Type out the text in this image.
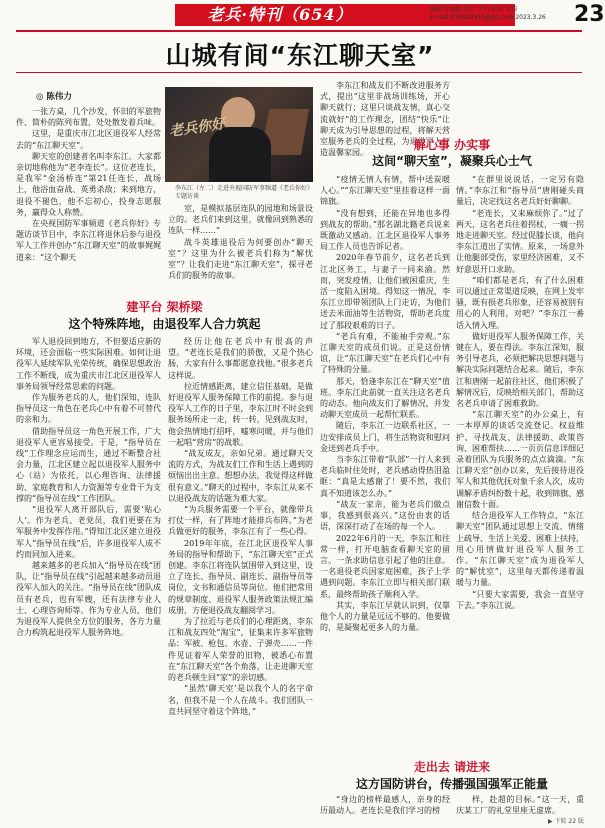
老兵·特刊（654）	编辑 涂丽霞 设计 罗巧 校对 晃涛
e-mail:836902919@qq.com 2023.3.26	23
山城有间“东江聊天室”
◎ 陈伟力

一张方桌，几个沙发，怀旧的军旅物件、简朴的陈列布置，处处散发着兵味。

这里，是重庆市江北区退役军人经常去的“东江聊天室”。

聊天室的创建者名叫李东江。大家都亲切地称他为“老李连长”。这位老连长，是我军“金汤桥连”第21任连长，战场上，他浴血奋战、英勇杀敌；来到地方，退役不褪色，他不忘初心，投身志愿服务，赢得众人称赞。

在央视国防军事频道《老兵你好》专题访谈节目中，李东江将退休后参与退役军人工作并创办“东江聊天室”的故事娓娓道来：“这个聊天

老兵你好
李东江（左二）走进央视国防军事频道《老兵你好》专题访谈

室，是模拟基层连队的园地和场景设立的。老兵们来到这里，就像回到熟悉的连队一样……”

战斗英雄退役后为何要创办“聊天室”？这里为什么被老兵们称为“解忧室”？让我们走进“东江聊天室”，探寻老兵们的服务的故事。

建平台 架桥梁
这个特殊阵地，由退役军人合力筑起

军人退役回到地方，不但要适应新的环境，还会面临一些实际困难。如何让退役军人延续军队光荣传统，确保思想政治工作不断线，成为重庆市江北区退役军人事务局领导经常思索的问题。

作为服务老兵的人，他们深知，连队指导员这一角色在老兵心中有着不可替代的亲和力。

借助指导员这一角色开展工作，广大退役军人更容易接受。于是，“指导员在线”工作理念应运而生，通过不断整合社会力量，江北区建立起以退役军人服务中心（站）为依托，以心理咨询、法律援助、家庭教育和人力资源等专业骨干为支撑的“指导员在线”工作团队。

“退役军人离开部队后，需要‘贴心人’。作为老兵、老党员，我们更要在为军服务中发挥作用。”得知江北区建立退役军人“指导员在线”后，许多退役军人成不约而同加入进来。

越来越多的老兵加入“指导员在线”团队，让“指导员在线”引起越来越多动员退役军人加入的关注。“指导员在线”团队成员有老兵，也有军嫂，还有法律专业人士、心理咨询师等。作为专业人员，他们为退役军人提供全方位的服务，各方力量合力构筑起退役军人服务阵地。

经历让他在老兵中有很高的声望。“老连长是我们的骄傲，又是个热心肠，大家有什么事都愿意找他。”很多老兵这样说。

拉近情感距离，建立信任基础，是做好退役军人服务保障工作的前提。参与退役军人工作的日子里，李东江时不时会到服务场所走一走，转一转，见到战友时，他会热情地打招呼，嘘寒问暖，并与他们一起唱“营房”的战歌。

“战友成友，亲如兄弟。通过聊天交流的方式，为战友们工作和生活上遇到的烦恼出出主意、想想办法，我觉得这样做很有意义。”聊天的过程中，李东江从来不以退役战友的话题为难大家。

“为兵服务需要一个平台，就像带兵打仗一样，有了阵地才能排兵布阵。”为老兵做更好的服务，李东江有了一些心得。

2019年年底，在江北区退役军人事务局的指导和帮助下，“东江聊天室”正式创建。李东江将连队氛围带入到这里，设立了连长、指导员、副连长、副指导员等岗位，文书和通信员等岗位。他们把常用的规章制度、退役军人服务政策法规汇编成册，方便退役战友翻阅学习。

为了拉近与老兵们的心理距离，李东江和战友四处“淘宝”，征集来许多军旅物品：军被、枪包、水壶、子弹壳……一件件见证着军人荣誉的旧物，被悉心布置在“东江聊天室”各个角落，让走进聊天室的老兵顿生回“家”的亲切感。

“虽然‘聊天室’是以我个人的名字命名，但我不是一个人在战斗。我们团队一直共同坚守着这个阵地，”

李东江和战友们不断改进服务方式，提出“这里非战场训练场，开心聊天就行；这里只谈战友情，真心交流就好”的工作理念，团结“快乐”让聊天成为引导思想的过程，将解天营室服务老兵的全过程，为退役军人打造温馨家园。

解心事 办实事
这间“聊天室”，凝聚兵心士气

“疫情无情人有情，帮中送炭暖人心。”“东江聊天室”里挂着这样一面锦旗。

“没有想到，还能在异地也多得到战友的帮助。”那名湖北籍老兵说来既激动又感动。江北区退役军人事务局工作人员也告诉记者。

2020年春节前夕，这名老兵到江北区务工，与妻子一同来渝。然而，突发疫情，让他们被困重庆，生活一度陷入困境。得知这一情况，李东江立即带领团队上门走访，为他们送去米面油等生活物资，帮助老兵度过了那段艰难的日子。

“老兵有难，不能袖手旁观。”东江聊天室的成员们说。正是这份情谊，让“东江聊天室”在老兵们心中有了特殊的分量。

那天，恰逢李东江在“聊天室”值班。李东江此前就一直关注这名老兵的动态。他向战友们了解情况，并发动聊天室成员一起帮忙联系。

随后，李东江一边联系社区，一边安排成员上门，将生活物资和慰问金送到老兵手中。

当李东江带着“队部”一行人来到老兵临时住处时，老兵感动得热泪盈眶：“真是太感谢了！要不然，我们真不知道该怎么办。”

“战友一家亲，能为老兵们做点事，我感到很高兴。”这份由衷的话语，深深打动了在场的每一个人。

2022年6月的一天，李东江和往常一样，打开电脑查看聊天室的留言。一条求助信息引起了他的注意。一名退役老兵因家庭困难，孩子上学遇到问题。李东江立即与相关部门联系，最终帮助孩子顺利入学。

其实，李东江早就认识到，仅靠他个人的力量是远远不够的。他要做的，是凝聚起更多人的力量。

“在群里说说话，一定另有隐情。”李东江和“指导员”唐刚碰头商量后，决定找这名老兵好好聊聊。

“老连长，又来麻烦你了。”过了两天，这名老兵往着拐杖，一瘸一拐地走进聊天室。经过促膝长谈，他向李东江道出了实情。原来，一场意外让他腿部受伤，家里经济困难，又不好意思开口求助。

“咱们都是老兵，有了什么困难可以通过正常渠道反映，在网上发牢骚，既有损老兵形象，还容易被别有用心的人利用，对吧？”李东江一番话入情入理。

做好退役军人服务保障工作，关键在人，要在得法。李东江深知，服务引导老兵，必须把解决思想问题与解决实际问题结合起来。随后，李东江和唐刚一起前往社区，他们积极了解情况后，反映给相关部门，帮助这名老兵申请了困难救助。

“东江聊天室”的办公桌上，有一本厚厚的谈话交流登记。权益维护、寻找战友、法律援助、政策咨询、困难帮扶……一页页信息详细记录着团队为兵服务的点点滴滴。“东江聊天室”创办以来，先后接待退役军人和其他优抚对象千余人次，成功调解矛盾纠纷数十起，收到锦旗、感谢信数十面。

结合退役军人工作特点，“东江聊天室”团队通过思想上交流、情绪上疏导、生活上关爱、困难上扶持，用心用情做好退役军人服务工作。“东江聊天室”成为退役军人的“解忧室”，这里每天都传递着温暖与力量。

“只要大家需要，我会一直坚守下去。”李东江说。

走出去 请进来
这方国防讲台，传播强国强军正能量

“身边的榜样最感人，亲身的经历最动人。老连长是我们学习的榜

样，赴超的目标。”这一天，重庆某工厂的礼堂里座无虚席。

▶ 下转 22 版
